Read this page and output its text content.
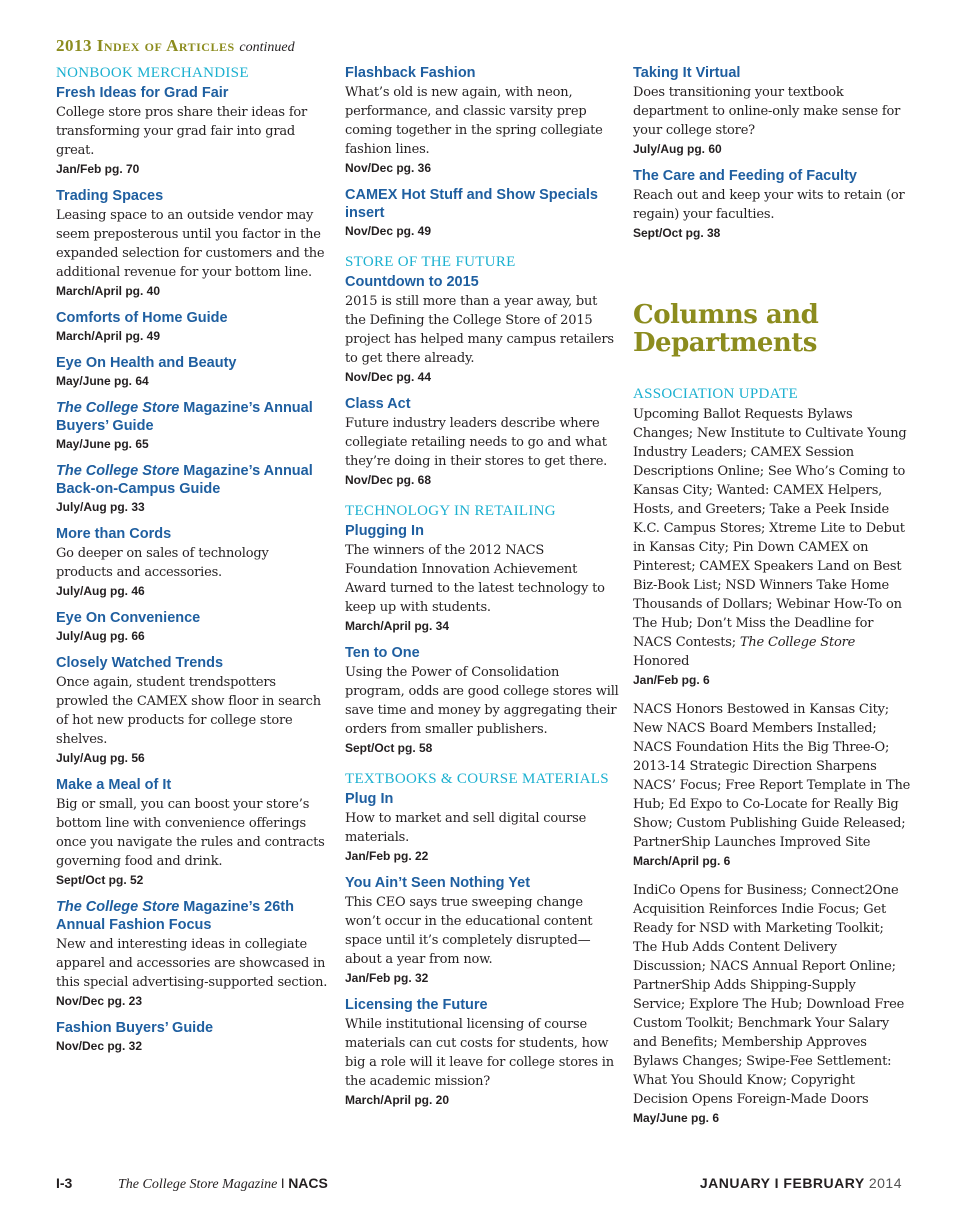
2013 Index of Articles continued
NONBOOK MERCHANDISE
Fresh Ideas for Grad Fair
College store pros share their ideas for transforming your grad fair into grad great.
Jan/Feb pg. 70
Trading Spaces
Leasing space to an outside vendor may seem preposterous until you factor in the expanded selection for customers and the additional revenue for your bottom line.
March/April pg. 40
Comforts of Home Guide
March/April pg. 49
Eye On Health and Beauty
May/June pg. 64
The College Store Magazine’s Annual Buyers’ Guide
May/June pg. 65
The College Store Magazine’s Annual Back-on-Campus Guide
July/Aug pg. 33
More than Cords
Go deeper on sales of technology products and accessories.
July/Aug pg. 46
Eye On Convenience
July/Aug pg. 66
Closely Watched Trends
Once again, student trendspotters prowled the CAMEX show floor in search of hot new products for college store shelves.
July/Aug pg. 56
Make a Meal of It
Big or small, you can boost your store’s bottom line with convenience offerings once you navigate the rules and contracts governing food and drink.
Sept/Oct pg. 52
The College Store Magazine’s 26th Annual Fashion Focus
New and interesting ideas in collegiate apparel and accessories are showcased in this special advertising-supported section.
Nov/Dec pg. 23
Fashion Buyers’ Guide
Nov/Dec pg. 32
Flashback Fashion
What’s old is new again, with neon, performance, and classic varsity prep coming together in the spring collegiate fashion lines.
Nov/Dec pg. 36
CAMEX Hot Stuff and Show Specials insert
Nov/Dec pg. 49
STORE OF THE FUTURE
Countdown to 2015
2015 is still more than a year away, but the Defining the College Store of 2015 project has helped many campus retailers to get there already.
Nov/Dec pg. 44
Class Act
Future industry leaders describe where collegiate retailing needs to go and what they’re doing in their stores to get there.
Nov/Dec pg. 68
TECHNOLOGY IN RETAILING
Plugging In
The winners of the 2012 NACS Foundation Innovation Achievement Award turned to the latest technology to keep up with students.
March/April pg. 34
Ten to One
Using the Power of Consolidation program, odds are good college stores will save time and money by aggregating their orders from smaller publishers.
Sept/Oct pg. 58
TEXTBOOKS & COURSE MATERIALS
Plug In
How to market and sell digital course materials.
Jan/Feb pg. 22
You Ain’t Seen Nothing Yet
This CEO says true sweeping change won’t occur in the educational content space until it’s completely disrupted—about a year from now.
Jan/Feb pg. 32
Licensing the Future
While institutional licensing of course materials can cut costs for students, how big a role will it leave for college stores in the academic mission?
March/April pg. 20
Taking It Virtual
Does transitioning your textbook department to online-only make sense for your college store?
July/Aug pg. 60
The Care and Feeding of Faculty
Reach out and keep your wits to retain (or regain) your faculties.
Sept/Oct pg. 38
Columns and
Departments
ASSOCIATION UPDATE
Upcoming Ballot Requests Bylaws Changes; New Institute to Cultivate Young Industry Leaders; CAMEX Session Descriptions Online; See Who’s Coming to Kansas City; Wanted: CAMEX Helpers, Hosts, and Greeters; Take a Peek Inside K.C. Campus Stores; Xtreme Lite to Debut in Kansas City; Pin Down CAMEX on Pinterest; CAMEX Speakers Land on Best Biz-Book List; NSD Winners Take Home Thousands of Dollars; Webinar How-To on The Hub; Don’t Miss the Deadline for NACS Contests; The College Store Honored
Jan/Feb pg. 6
NACS Honors Bestowed in Kansas City; New NACS Board Members Installed; NACS Foundation Hits the Big Three-O; 2013-14 Strategic Direction Sharpens NACS’ Focus; Free Report Template in The Hub; Ed Expo to Co-Locate for Really Big Show; Custom Publishing Guide Released; PartnerShip Launches Improved Site
March/April pg. 6
IndiCo Opens for Business; Connect2One Acquisition Reinforces Indie Focus; Get Ready for NSD with Marketing Toolkit; The Hub Adds Content Delivery Discussion; NACS Annual Report Online; PartnerShip Adds Shipping-Supply Service; Explore The Hub; Download Free Custom Toolkit; Benchmark Your Salary and Benefits; Membership Approves Bylaws Changes; Swipe-Fee Settlement: What You Should Know; Copyright Decision Opens Foreign-Made Doors
May/June pg. 6
I-3	The College Store Magazine I NACS	JANUARY I FEBRUARY 2014
